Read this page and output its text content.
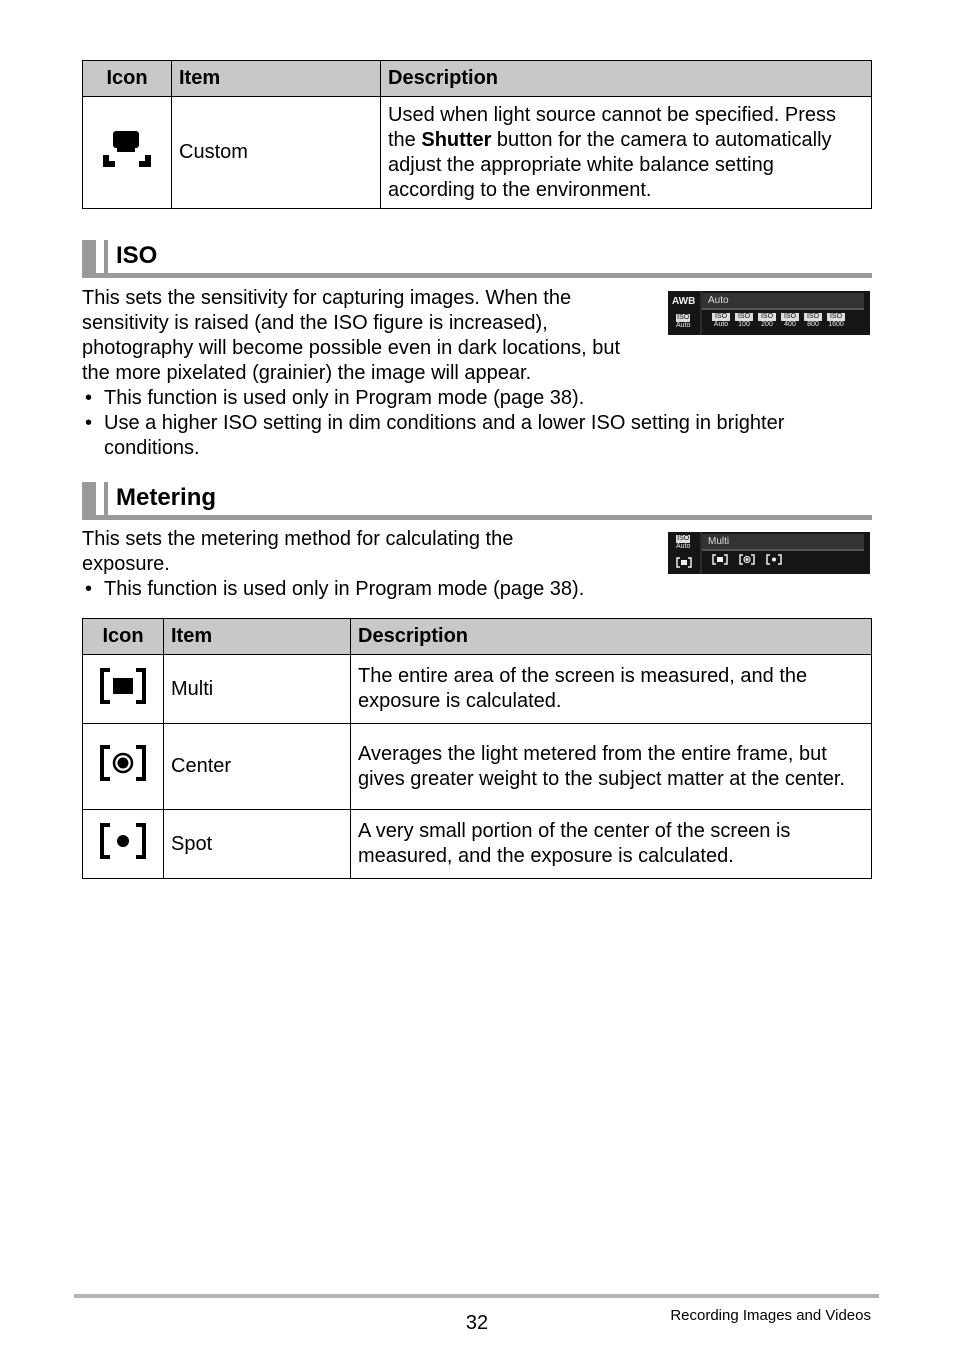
Icon	Item	Description
	Custom	Used when light source cannot be specified. Press the Shutter button for the camera to automatically adjust the appropriate white balance setting according to the environment.
ISO

This sets the sensitivity for capturing images. When the sensitivity is raised (and the ISO figure is increased), photography will become possible even in dark locations, but the more pixelated (grainier) the image will appear.

AWB
ISO
Auto
Auto
ISO
Auto
ISO
100
ISO
200
ISO
400
ISO
800
ISO
1600
• This function is used only in Program mode (page 38).
• Use a higher ISO setting in dim conditions and a lower ISO setting in brighter conditions.
Metering

This sets the metering method for calculating the exposure.

ISO
Auto Multi
• This function is used only in Program mode (page 38).
Icon	Item	Description
	Multi	The entire area of the screen is measured, and the exposure is calculated.
	Center	Averages the light metered from the entire frame, but gives greater weight to the subject matter at the center.
	Spot	A very small portion of the center of the screen is measured, and the exposure is calculated.
32	Recording Images and Videos
